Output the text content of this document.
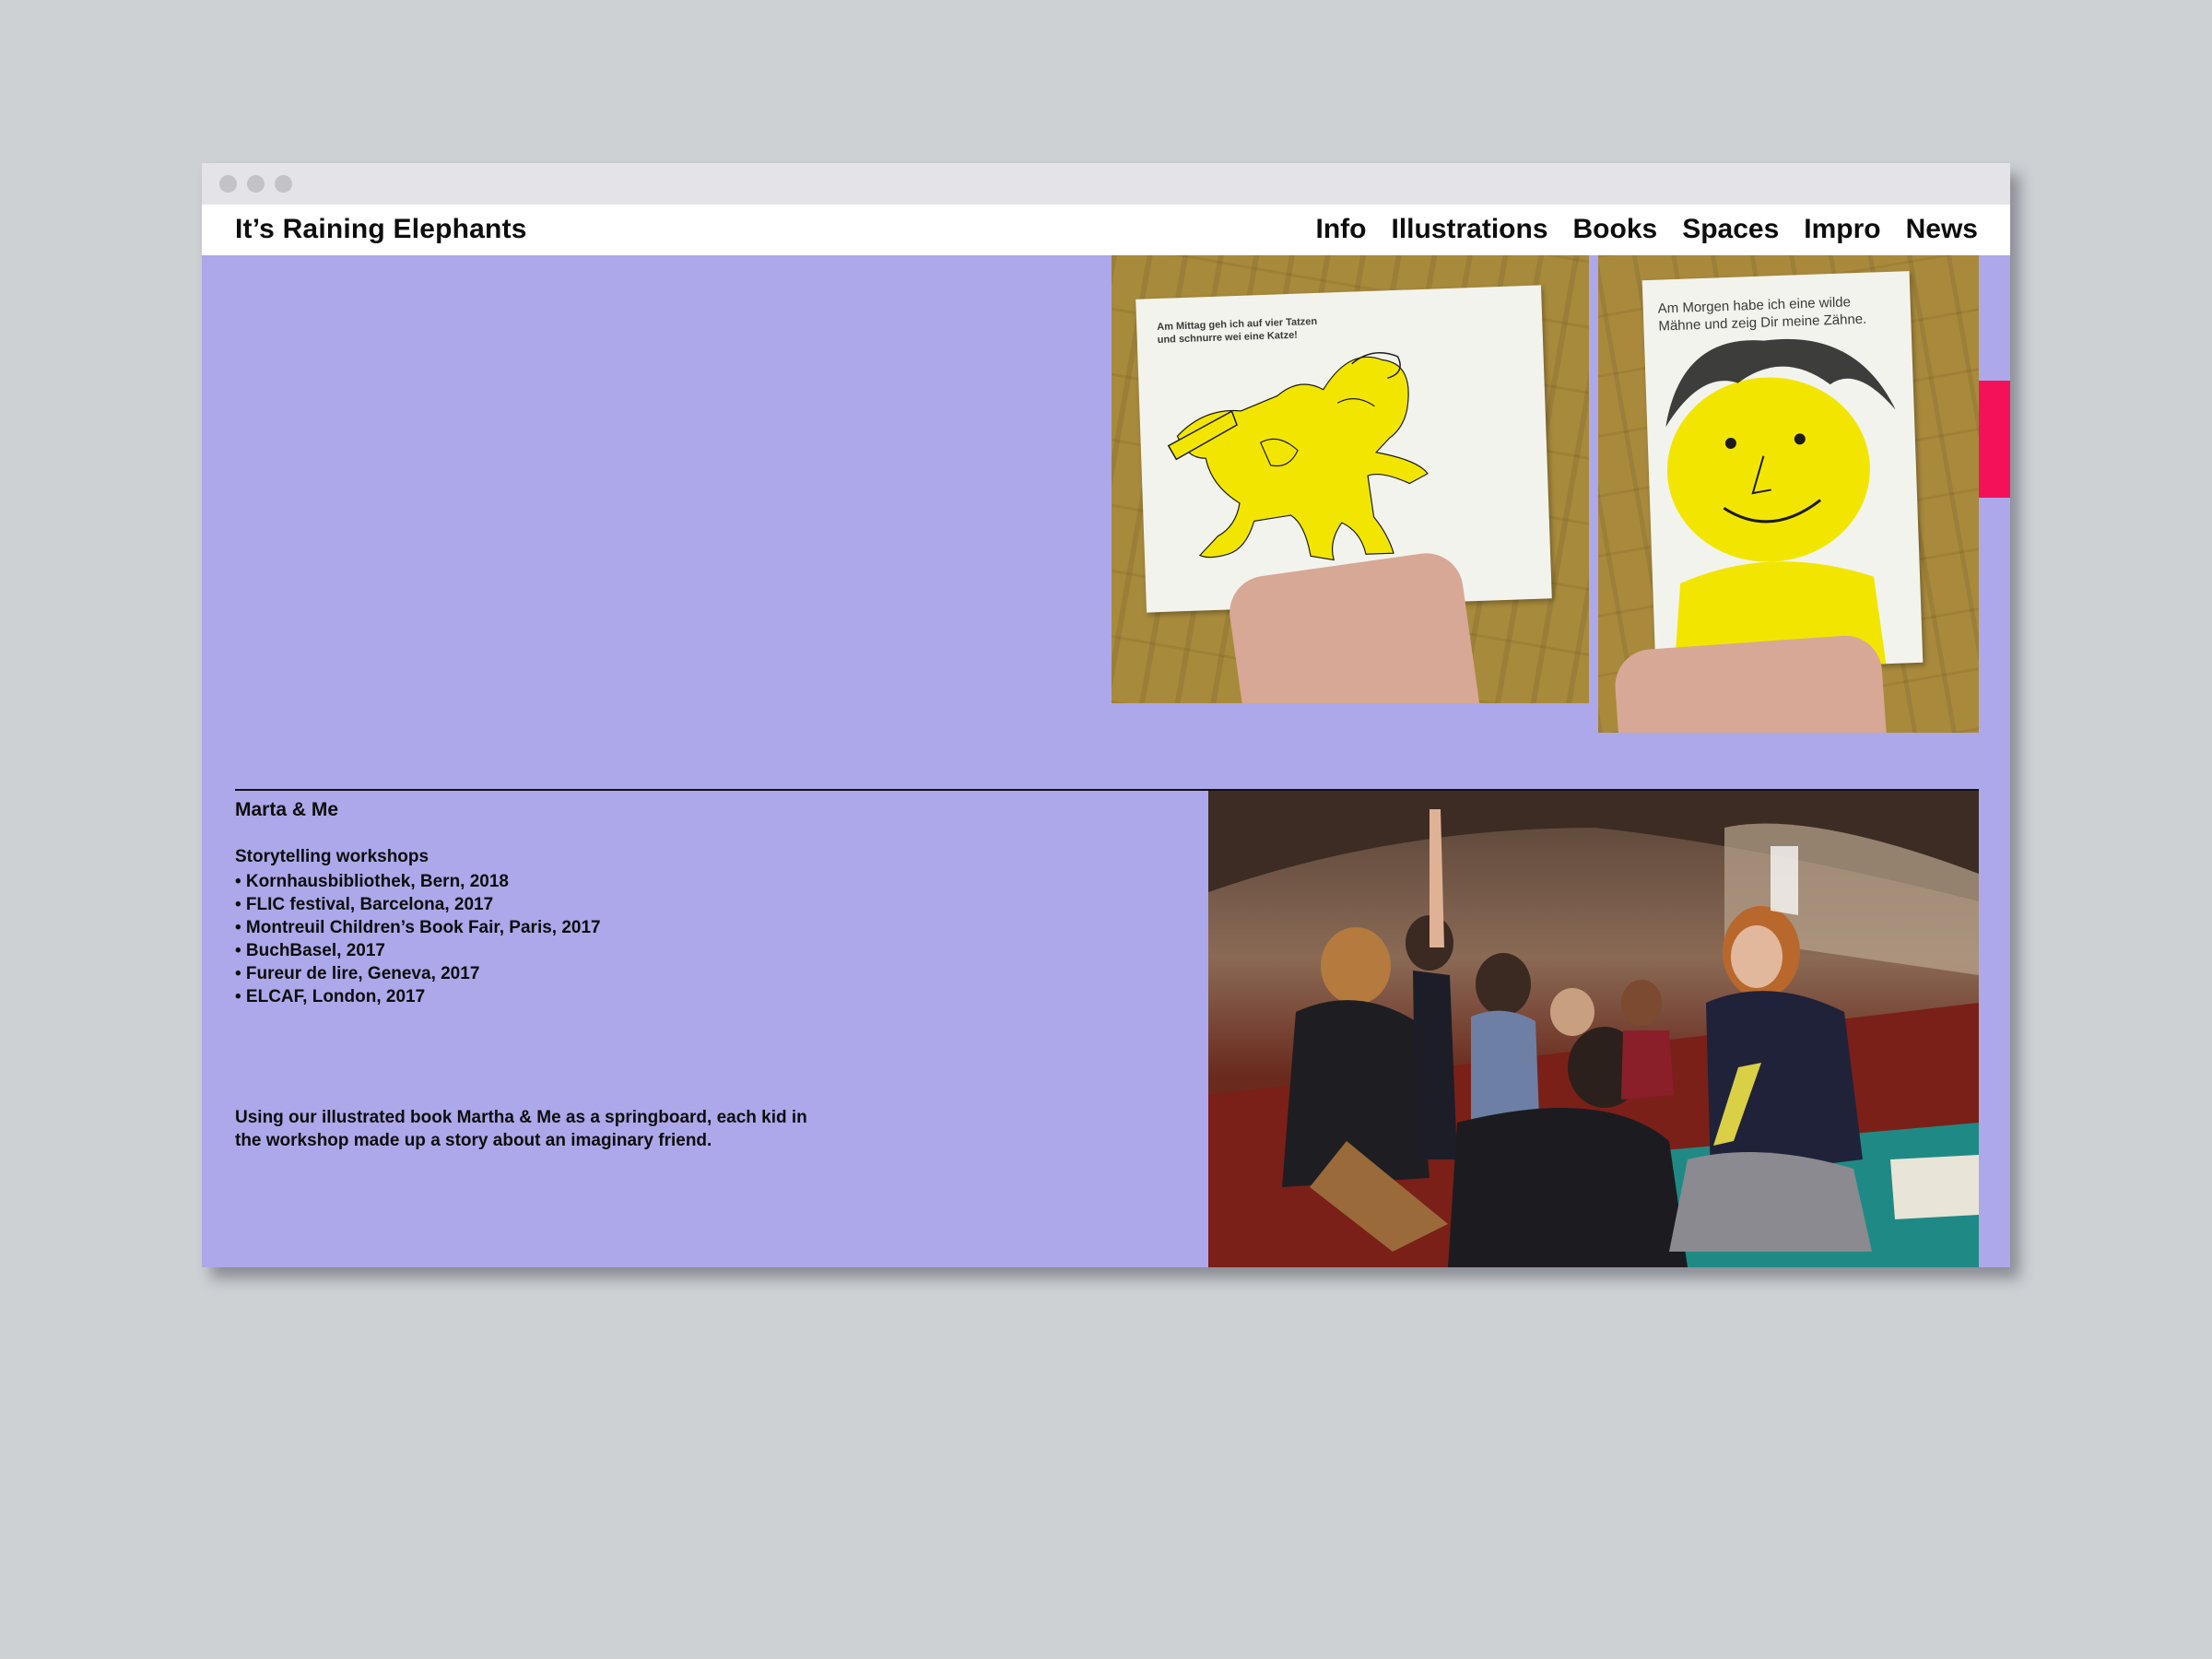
It’s Raining Elephants	Info Illustrations Books Spaces Impro News
Am Mittag geh ich auf vier Tatzen
und schnurre wei eine Katze!
Am Morgen habe ich eine wilde
Mähne und zeig Dir meine Zähne.
Marta & Me
Storytelling workshops
• Kornhausbibliothek, Bern, 2018
• FLIC festival, Barcelona, 2017
• Montreuil Children’s Book Fair, Paris, 2017
• BuchBasel, 2017
• Fureur de lire, Geneva, 2017
• ELCAF, London, 2017

Using our illustrated book Martha & Me as a springboard, each kid in the workshop made up a story about an imaginary friend.
